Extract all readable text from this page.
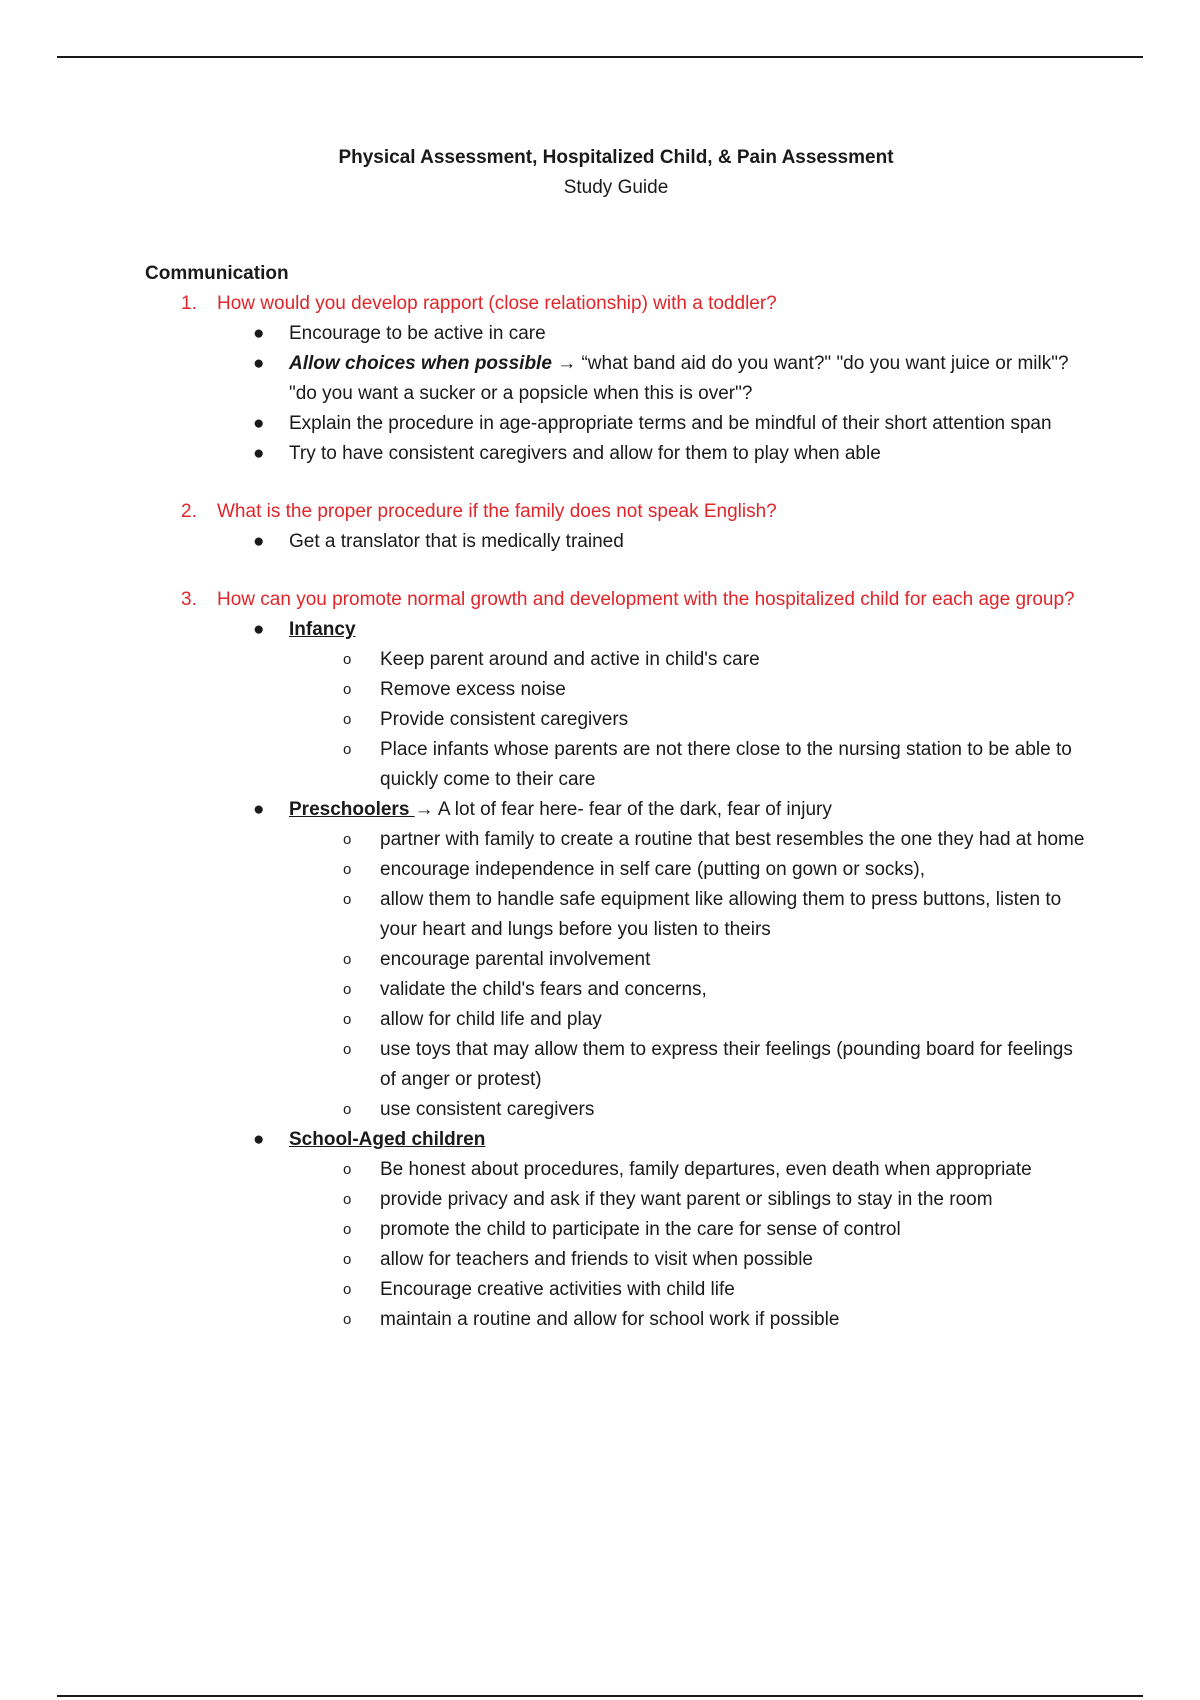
Physical Assessment, Hospitalized Child, & Pain Assessment
Study Guide

Communication

1.	How would you develop rapport (close relationship) with a toddler?
●	Encourage to be active in care
●	Allow choices when possible → “what band aid do you want?" "do you want juice or milk"? "do you want a sucker or a popsicle when this is over"?
●	Explain the procedure in age-appropriate terms and be mindful of their short attention span
●	Try to have consistent caregivers and allow for them to play when able
2.	What is the proper procedure if the family does not speak English?
●	Get a translator that is medically trained
3.	How can you promote normal growth and development with the hospitalized child for each age group?
●	Infancy
o Keep parent around and active in child's care
o Remove excess noise
o Provide consistent caregivers
o Place infants whose parents are not there close to the nursing station to be able to quickly come to their care
●	Preschoolers → A lot of fear here- fear of the dark, fear of injury
o partner with family to create a routine that best resembles the one they had at home
o encourage independence in self care (putting on gown or socks),
o allow them to handle safe equipment like allowing them to press buttons, listen to your heart and lungs before you listen to theirs
o encourage parental involvement
o validate the child's fears and concerns,
o allow for child life and play
o use toys that may allow them to express their feelings (pounding board for feelings of anger or protest)
o use consistent caregivers
●	School-Aged children
o Be honest about procedures, family departures, even death when appropriate
o provide privacy and ask if they want parent or siblings to stay in the room
o promote the child to participate in the care for sense of control
o allow for teachers and friends to visit when possible
o Encourage creative activities with child life
o maintain a routine and allow for school work if possible
